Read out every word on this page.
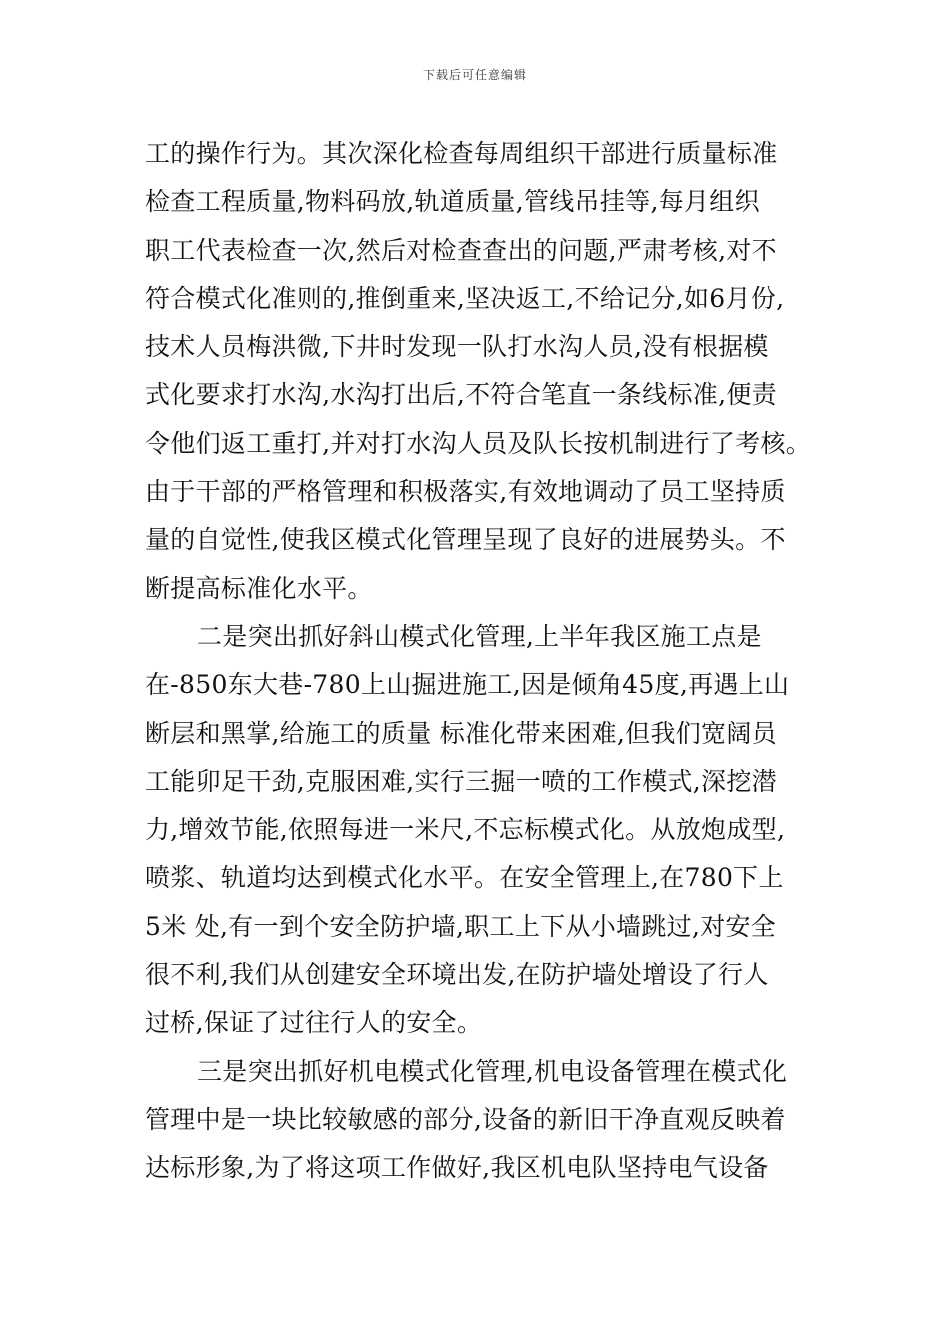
下载后可任意编辑
工的操作行为。其次深化检查每周组织干部进行质量标准
检查工程质量,物料码放,轨道质量,管线吊挂等,每月组织
职工代表检查一次,然后对检查查出的问题,严肃考核,对不
符合模式化准则的,推倒重来,坚决返工,不给记分,如6月份,
技术人员梅洪微,下井时发现一队打水沟人员,没有根据模
式化要求打水沟,水沟打出后,不符合笔直一条线标准,便责
令他们返工重打,并对打水沟人员及队长按机制进行了考核。
由于干部的严格管理和积极落实,有效地调动了员工坚持质
量的自觉性,使我区模式化管理呈现了良好的进展势头。不
断提高标准化水平。
二是突出抓好斜山模式化管理,上半年我区施工点是
在-850东大巷-780上山掘进施工,因是倾角45度,再遇上山
断层和黑掌,给施工的质量 标准化带来困难,但我们宽阔员
工能卯足干劲,克服困难,实行三掘一喷的工作模式,深挖潜
力,增效节能,依照每进一米尺,不忘标模式化。从放炮成型,
喷浆、轨道均达到模式化水平。在安全管理上,在780下上
5米 处,有一到个安全防护墙,职工上下从小墙跳过,对安全
很不利,我们从创建安全环境出发,在防护墙处增设了行人
过桥,保证了过往行人的安全。
三是突出抓好机电模式化管理,机电设备管理在模式化
管理中是一块比较敏感的部分,设备的新旧干净直观反映着
达标形象,为了将这项工作做好,我区机电队坚持电气设备
